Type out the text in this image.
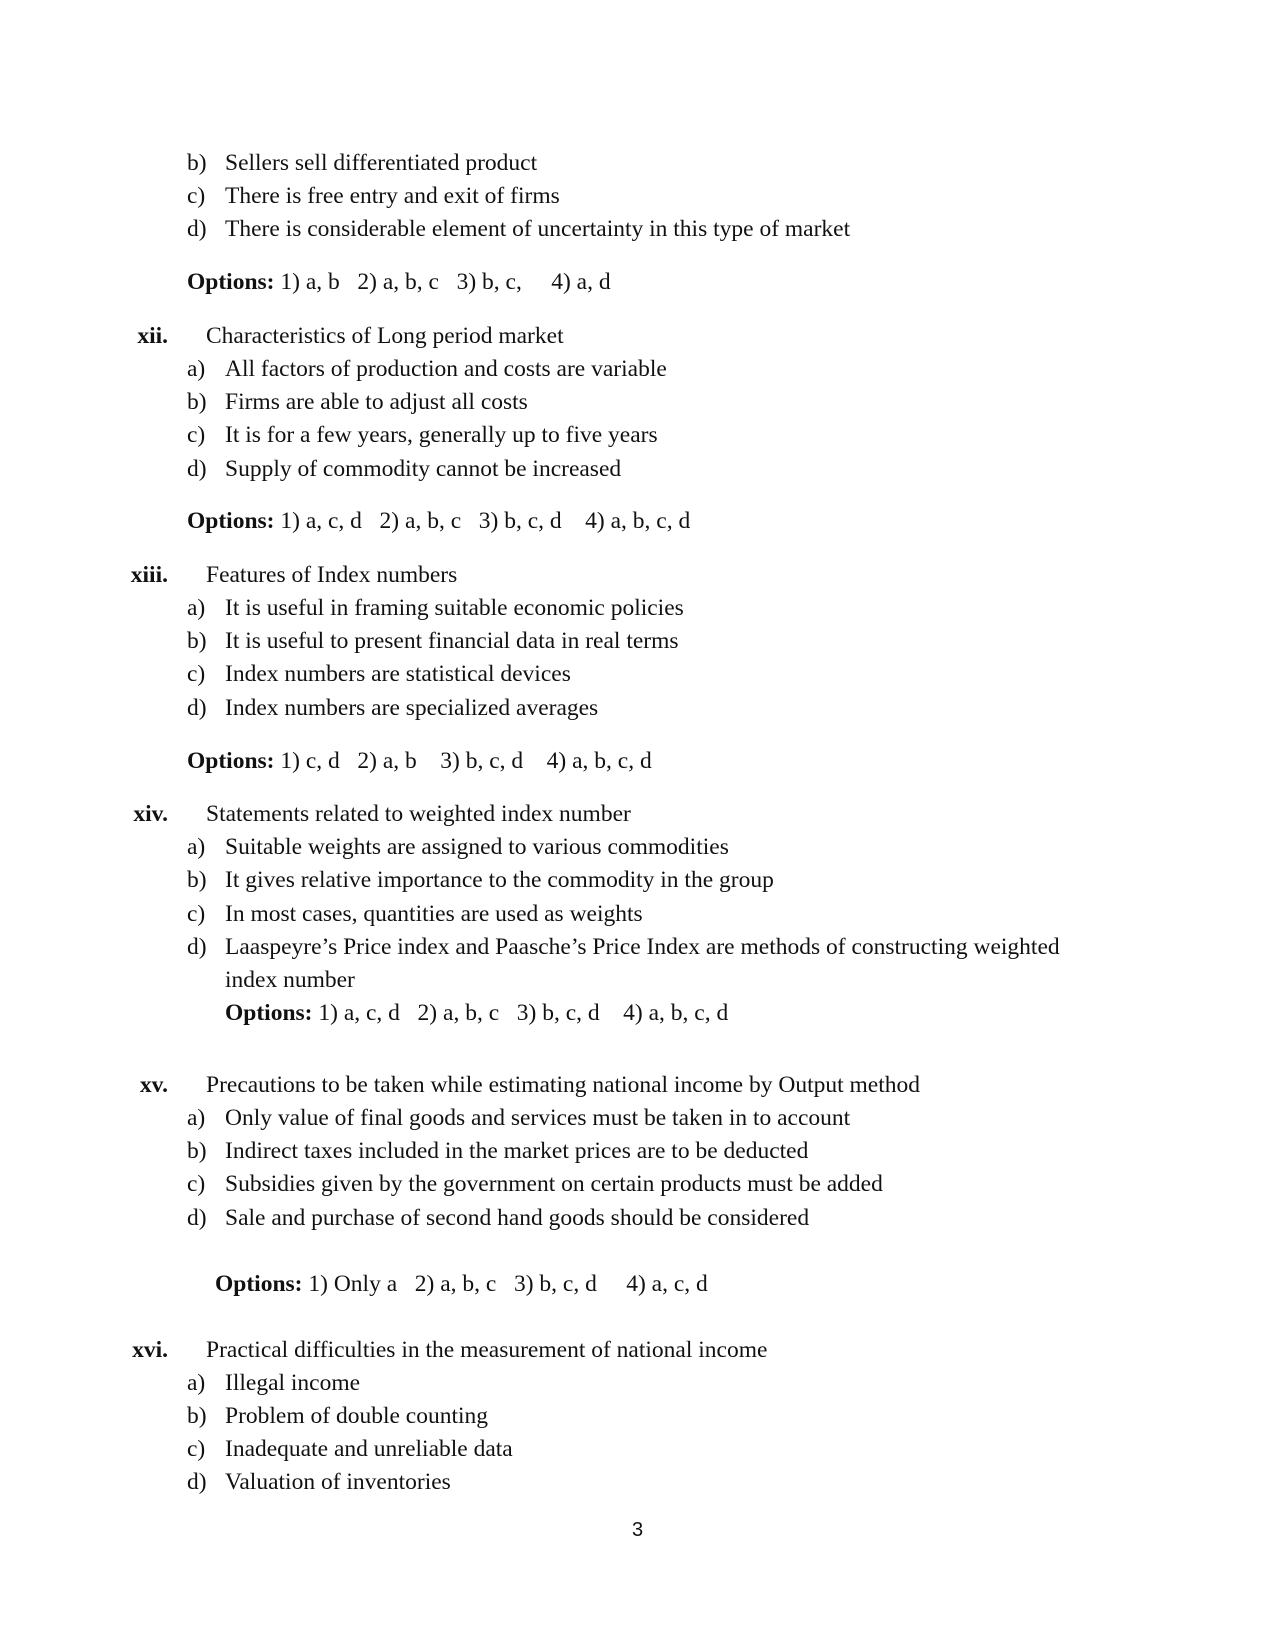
b) Sellers sell differentiated product
c) There is free entry and exit of firms
d) There is considerable element of uncertainty in this type of market
Options: 1) a, b   2) a, b, c   3) b, c,     4) a, d
xii. Characteristics of Long period market
a) All factors of production and costs are variable
b) Firms are able to adjust all costs
c) It is for a few years, generally up to five years
d) Supply of commodity cannot be increased
Options: 1) a, c, d   2) a, b, c   3) b, c, d    4) a, b, c, d
xiii. Features of Index numbers
a) It is useful in framing suitable economic policies
b) It is useful to present financial data in real terms
c) Index numbers are statistical devices
d) Index numbers are specialized averages
Options: 1) c, d   2) a, b    3) b, c, d    4) a, b, c, d
xiv. Statements related to weighted index number
a) Suitable weights are assigned to various commodities
b) It gives relative importance to the commodity in the group
c) In most cases, quantities are used as weights
d) Laaspeyre’s Price index and Paasche’s Price Index are methods of constructing weighted
index number
Options: 1) a, c, d   2) a, b, c   3) b, c, d    4) a, b, c, d
xv. Precautions to be taken while estimating national income by Output method
a) Only value of final goods and services must be taken in to account
b) Indirect taxes included in the market prices are to be deducted
c) Subsidies given by the government on certain products must be added
d) Sale and purchase of second hand goods should be considered
Options: 1) Only a   2) a, b, c   3) b, c, d     4) a, c, d
xvi. Practical difficulties in the measurement of national income
a) Illegal income
b) Problem of double counting
c) Inadequate and unreliable data
d) Valuation of inventories
3
